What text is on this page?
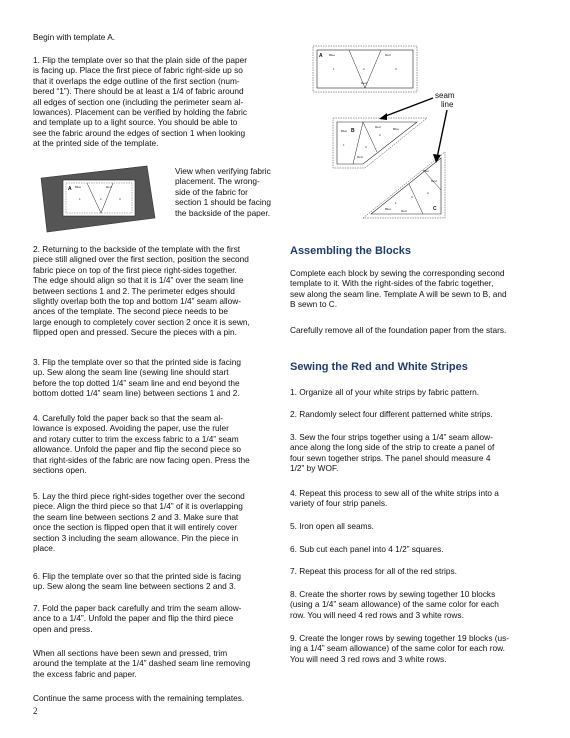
Begin with template A.

1. Flip the template over so that the plain side of the paper
is facing up. Place the first piece of fabric right-side up so
that it overlaps the edge outline of the first section (num-
bered “1”). There should be at least a 1/4 of fabric around
all edges of section one (including the perimeter seam al-
lowances). Placement can be verified by holding the fabric
and template up to a light source. You should be able to
see the fabric around the edges of section 1 when looking
at the printed side of the template.

A Blue	Red
1	2	3

View when verifying fabric
placement. The wrong-
side of the fabric for
section 1 should be facing
the backside of the paper.

2. Returning to the backside of the template with the first
piece still aligned over the first section, position the second
fabric piece on top of the first piece right-sides together.
The edge should align so that it is 1/4” over the seam line
between sections 1 and 2. The perimeter edges should
slightly overlap both the top and bottom 1/4” seam allow-
ances of the template. The second piece needs to be
large enough to completely cover section 2 once it is sewn,
flipped open and pressed. Secure the pieces with a pin.

3. Flip the template over so that the printed side is facing
up. Sew along the seam line (sewing line should start
before the top dotted 1/4” seam line and end beyond the
bottom dotted 1/4” seam line) between sections 1 and 2.

4. Carefully fold the paper back so that the seam al-
lowance is exposed. Avoiding the paper, use the ruler
and rotary cutter to trim the excess fabric to a 1/4” seam
allowance. Unfold the paper and flip the second piece so
that right-sides of the fabric are now facing open. Press the
sections open.

5. Lay the third piece right-sides together over the second
piece. Align the third piece so that 1/4” of it is overlapping
the seam line between sections 2 and 3. Make sure that
once the section is flipped open that it will entirely cover
section 3 including the seam allowance. Pin the piece in
place.

6. Flip the template over so that the printed side is facing
up. Sew along the seam line between sections 2 and 3.

7. Fold the paper back carefully and trim the seam allow-
ance to a 1/4”. Unfold the paper and flip the third piece
open and press.

When all sections have been sewn and pressed, trim
around the template at the 1/4” dashed seam line removing
the excess fabric and paper.

Continue the same process with the remaining templates.

2
A Blue	Red
1	2	3
Red
B
Blue
Red
1
2
Blue
Red
3
C
Blue
Red
2
3
1
Blue	Red
seam line
Assembling the Blocks

Complete each block by sewing the corresponding second
template to it. With the right-sides of the fabric together,
sew along the seam line. Template A will be sewn to B, and
B sewn to C.

Carefully remove all of the foundation paper from the stars.

Sewing the Red and White Stripes

1. Organize all of your white strips by fabric pattern.

2. Randomly select four different patterned white strips.

3. Sew the four strips together using a 1/4” seam allow-
ance along the long side of the strip to create a panel of
four sewn together strips. The panel should measure 4
1/2” by WOF.

4. Repeat this process to sew all of the white strips into a
variety of four strip panels.

5. Iron open all seams.

6. Sub cut each panel into 4 1/2” squares.

7. Repeat this process for all of the red strips.

8. Create the shorter rows by sewing together 10 blocks
(using a 1/4” seam allowance) of the same color for each
row. You will need 4 red rows and 3 white rows.

9. Create the longer rows by sewing together 19 blocks (us-
ing a 1/4” seam allowance) of the same color for each row.
You will need 3 red rows and 3 white rows.
